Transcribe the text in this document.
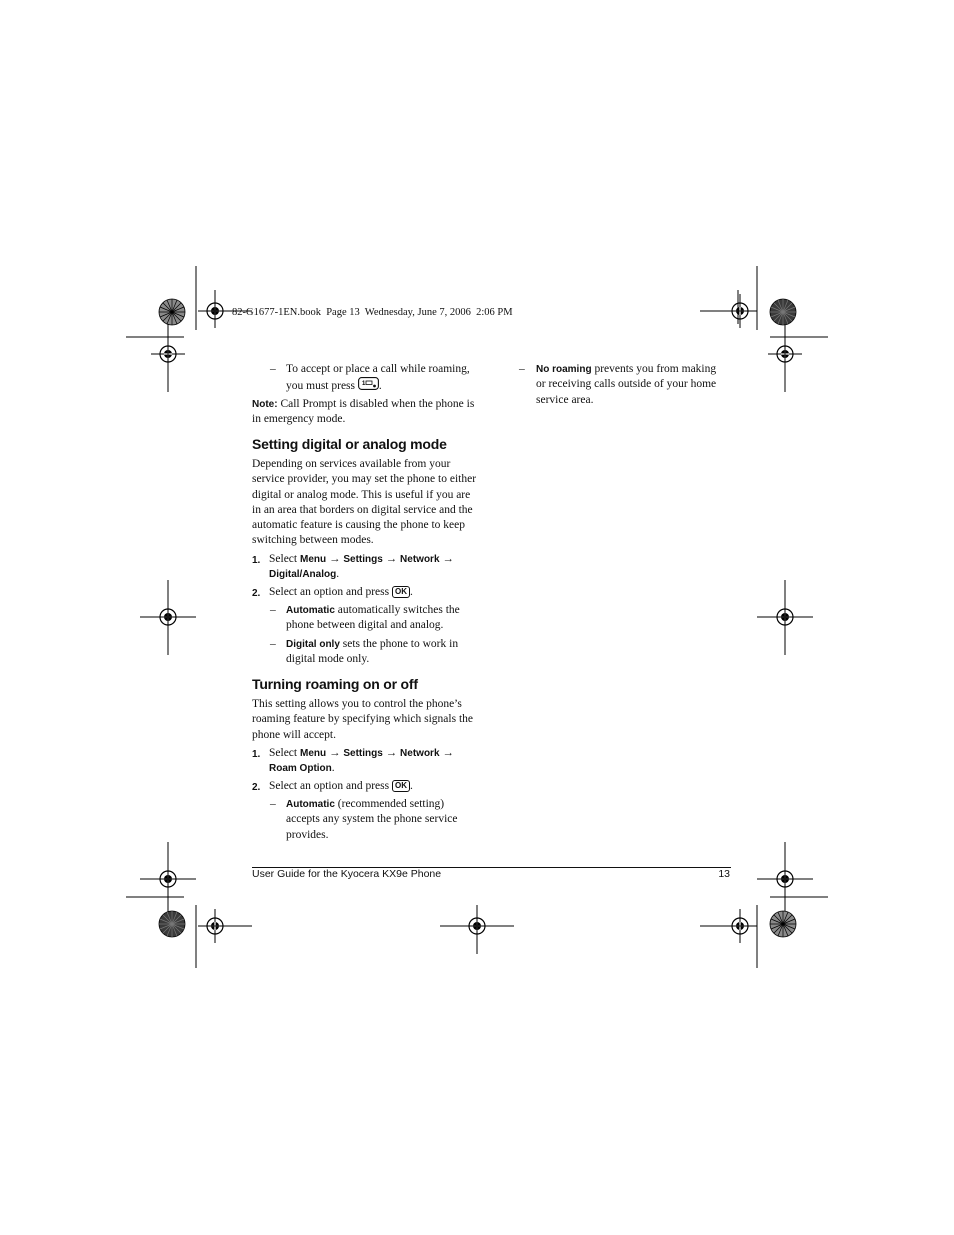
82-G1677-1EN.book  Page 13  Wednesday, June 7, 2006  2:06 PM
– To accept or place a call while roaming, you must press 1 .
Note: Call Prompt is disabled when the phone is in emergency mode.
Setting digital or analog mode
Depending on services available from your service provider, you may set the phone to either digital or analog mode. This is useful if you are in an area that borders on digital service and the automatic feature is causing the phone to keep switching between modes.
1. Select Menu → Settings → Network →
Digital/Analog.
2. Select an option and press OK .
– Automatic automatically switches the phone between digital and analog.
– Digital only sets the phone to work in digital mode only.
Turning roaming on or off
This setting allows you to control the phone’s roaming feature by specifying which signals the phone will accept.
1. Select Menu → Settings → Network →
Roam Option.
2. Select an option and press OK .
– Automatic (recommended setting) accepts any system the phone service provides.
– No roaming prevents you from making or receiving calls outside of your home service area.
User Guide for the Kyocera KX9e Phone	13
